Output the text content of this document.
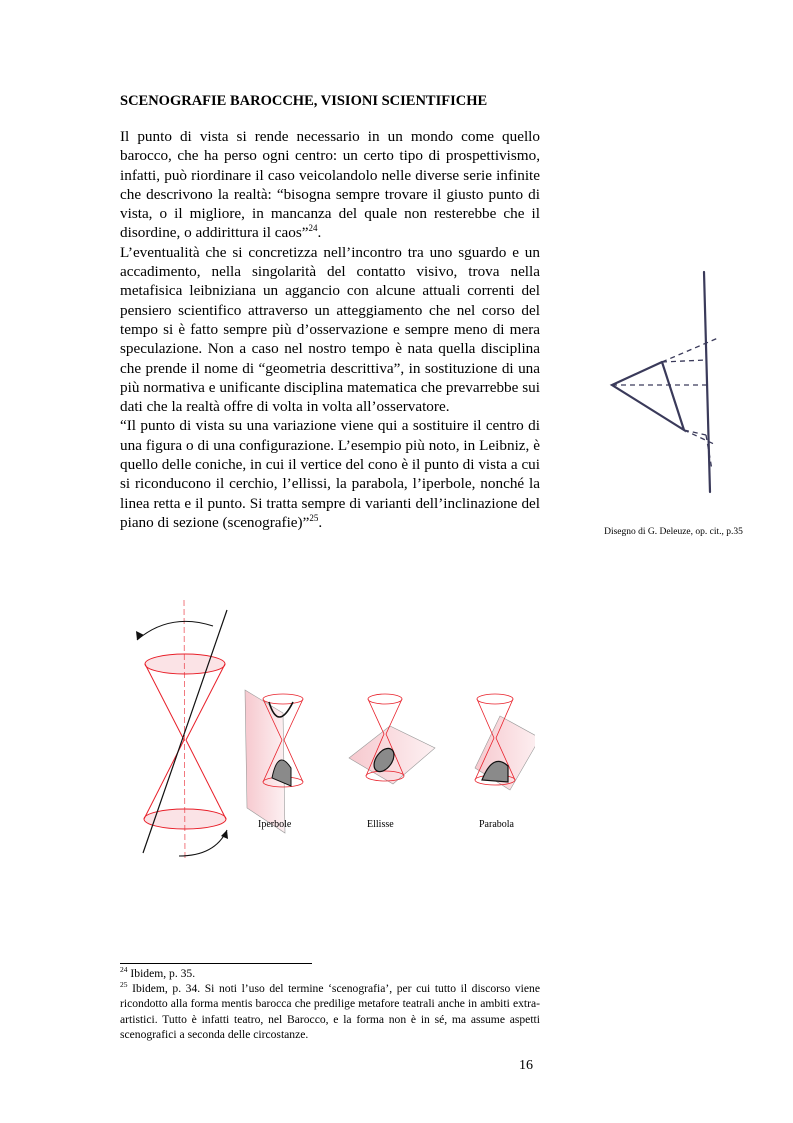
SCENOGRAFIE BAROCCHE, VISIONI SCIENTIFICHE

Il punto di vista si rende necessario in un mondo come quello barocco, che ha perso ogni centro: un certo tipo di prospettivismo, infatti, può riordinare il caso veicolandolo nelle diverse serie infinite che descrivono la realtà: “bisogna sempre trovare il giusto punto di vista, o il migliore, in mancanza del quale non resterebbe che il disordine, o addirittura il caos”$^{24}$.

L’eventualità che si concretizza nell’incontro tra uno sguardo e un accadimento, nella singolarità del contatto visivo, trova nella metafisica leibniziana un aggancio con alcune attuali correnti del pensiero scientifico attraverso un atteggiamento che nel corso del tempo si è fatto sempre più d’osservazione e sempre meno di mera speculazione. Non a caso nel nostro tempo è nata quella disciplina che prende il nome di “geometria descrittiva”, in sostituzione di una più normativa e unificante disciplina matematica che prevarrebbe sui dati che la realtà offre di volta in volta all’osservatore.

“Il punto di vista su una variazione viene qui a sostituire il centro di una figura o di una configurazione. L’esempio più noto, in Leibniz, è quello delle coniche, in cui il vertice del cono è il punto di vista a cui si riconducono il cerchio, l’ellissi, la parabola, l’iperbole, nonché la linea retta e il punto. Si tratta sempre di varianti dell’inclinazione del piano di sezione (scenografie)”$^{25}$.

Disegno di G. Deleuze, op. cit., p.35
Iperbole	Ellisse	Parabola

$^{24}$ Ibidem, p. 35.

$^{25}$ Ibidem, p. 34. Si noti l’uso del termine ‘scenografia’, per cui tutto il discorso viene ricondotto alla forma mentis barocca che predilige metafore teatrali anche in ambiti extra-artistici. Tutto è infatti teatro, nel Barocco, e la forma non è in sé, ma assume aspetti scenografici a seconda delle circostanze.

16
